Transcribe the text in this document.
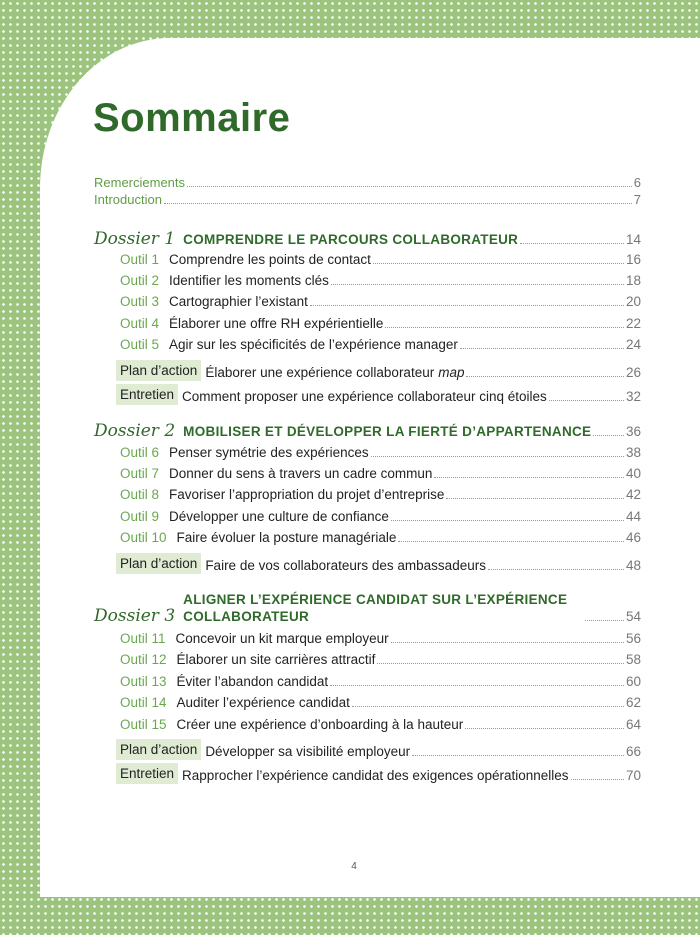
Sommaire
Remerciements	6
Introduction	7
Dossier 1 COMPRENDRE LE PARCOURS COLLABORATEUR	14
Outil 1 Comprendre les points de contact	16
Outil 2 Identifier les moments clés	18
Outil 3 Cartographier l’existant	20
Outil 4 Élaborer une offre RH expérientielle	22
Outil 5 Agir sur les spécificités de l’expérience manager	24
Plan d’action Élaborer une expérience collaborateur map	26
Entretien Comment proposer une expérience collaborateur cinq étoiles	32
Dossier 2 MOBILISER ET DÉVELOPPER LA FIERTÉ D’APPARTENANCE	36
Outil 6 Penser symétrie des expériences	38
Outil 7 Donner du sens à travers un cadre commun	40
Outil 8 Favoriser l’appropriation du projet d’entreprise	42
Outil 9 Développer une culture de confiance	44
Outil 10 Faire évoluer la posture managériale	46
Plan d’action Faire de vos collaborateurs des ambassadeurs	48
Dossier 3
ALIGNER L’EXPÉRIENCE CANDIDAT SUR L’EXPÉRIENCE COLLABORATEUR	54
Outil 11 Concevoir un kit marque employeur	56
Outil 12 Élaborer un site carrières attractif	58
Outil 13 Éviter l’abandon candidat	60
Outil 14 Auditer l’expérience candidat	62
Outil 15 Créer une expérience d’onboarding à la hauteur	64
Plan d’action Développer sa visibilité employeur	66
Entretien Rapprocher l’expérience candidat des exigences opérationnelles	70
4
